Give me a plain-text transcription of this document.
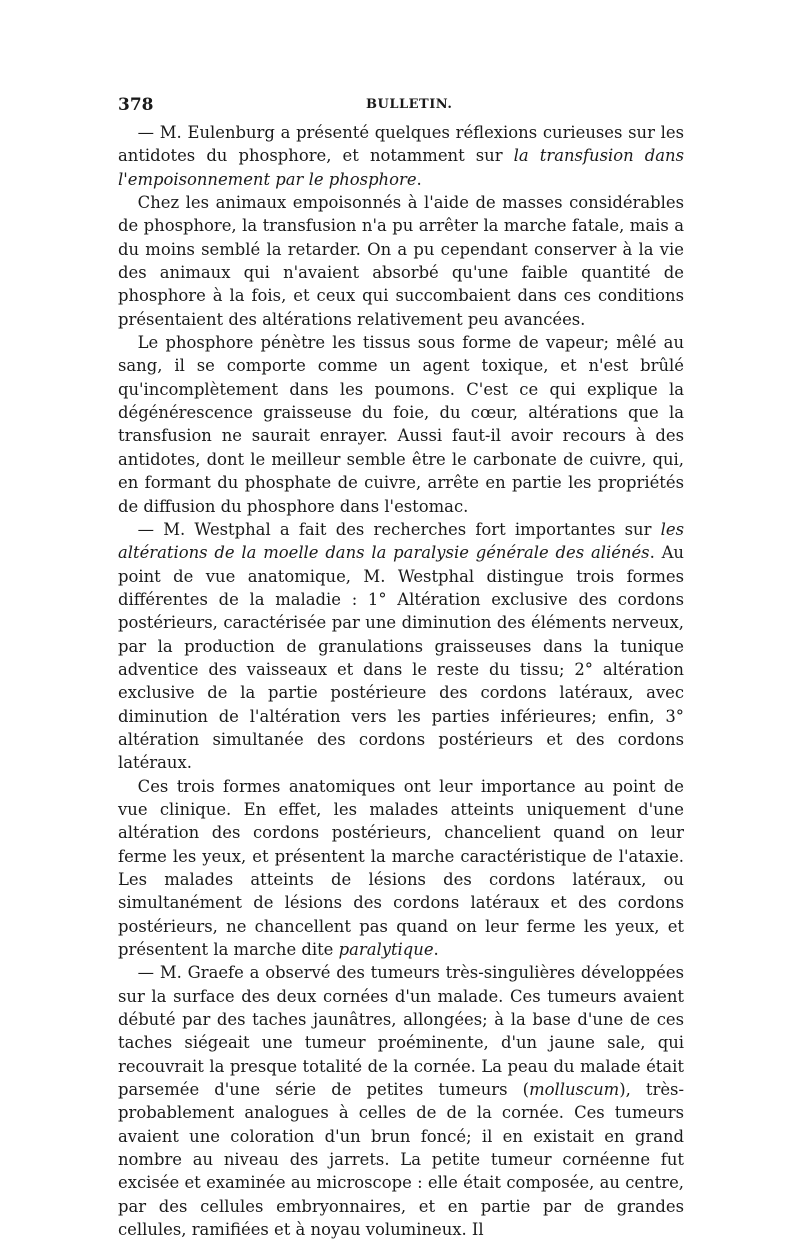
378	BULLETIN.

— M. Eulenburg a présenté quelques réflexions curieuses sur les antidotes du phosphore, et notamment sur la transfusion dans l'empoisonnement par le phosphore.

Chez les animaux empoisonnés à l'aide de masses considérables de phosphore, la transfusion n'a pu arrêter la marche fatale, mais a du moins semblé la retarder. On a pu cependant conserver à la vie des animaux qui n'avaient absorbé qu'une faible quantité de phosphore à la fois, et ceux qui succombaient dans ces conditions présentaient des altérations relativement peu avancées.

Le phosphore pénètre les tissus sous forme de vapeur; mêlé au sang, il se comporte comme un agent toxique, et n'est brûlé qu'incomplètement dans les poumons. C'est ce qui explique la dégénérescence graisseuse du foie, du cœur, altérations que la transfusion ne saurait enrayer. Aussi faut-il avoir recours à des antidotes, dont le meilleur semble être le carbonate de cuivre, qui, en formant du phosphate de cuivre, arrête en partie les propriétés de diffusion du phosphore dans l'estomac.

— M. Westphal a fait des recherches fort importantes sur les altérations de la moelle dans la paralysie générale des aliénés. Au point de vue anatomique, M. Westphal distingue trois formes différentes de la maladie : 1° Altération exclusive des cordons postérieurs, caractérisée par une diminution des éléments nerveux, par la production de granulations graisseuses dans la tunique adventice des vaisseaux et dans le reste du tissu; 2° altération exclusive de la partie postérieure des cordons latéraux, avec diminution de l'altération vers les parties inférieures; enfin, 3° altération simultanée des cordons postérieurs et des cordons latéraux.

Ces trois formes anatomiques ont leur importance au point de vue clinique. En effet, les malades atteints uniquement d'une altération des cordons postérieurs, chancelient quand on leur ferme les yeux, et présentent la marche caractéristique de l'ataxie. Les malades atteints de lésions des cordons latéraux, ou simultanément de lésions des cordons latéraux et des cordons postérieurs, ne chancellent pas quand on leur ferme les yeux, et présentent la marche dite paralytique.

— M. Graefe a observé des tumeurs très-singulières développées sur la surface des deux cornées d'un malade. Ces tumeurs avaient débuté par des taches jaunâtres, allongées; à la base d'une de ces taches siégeait une tumeur proéminente, d'un jaune sale, qui recouvrait la presque totalité de la cornée. La peau du malade était parsemée d'une série de petites tumeurs (molluscum), très-probablement analogues à celles de de la cornée. Ces tumeurs avaient une coloration d'un brun foncé; il en existait en grand nombre au niveau des jarrets. La petite tumeur cornéenne fut excisée et examinée au microscope : elle était composée, au centre, par des cellules embryonnaires, et en partie par de grandes cellules, ramifiées et à noyau volumineux. Il
